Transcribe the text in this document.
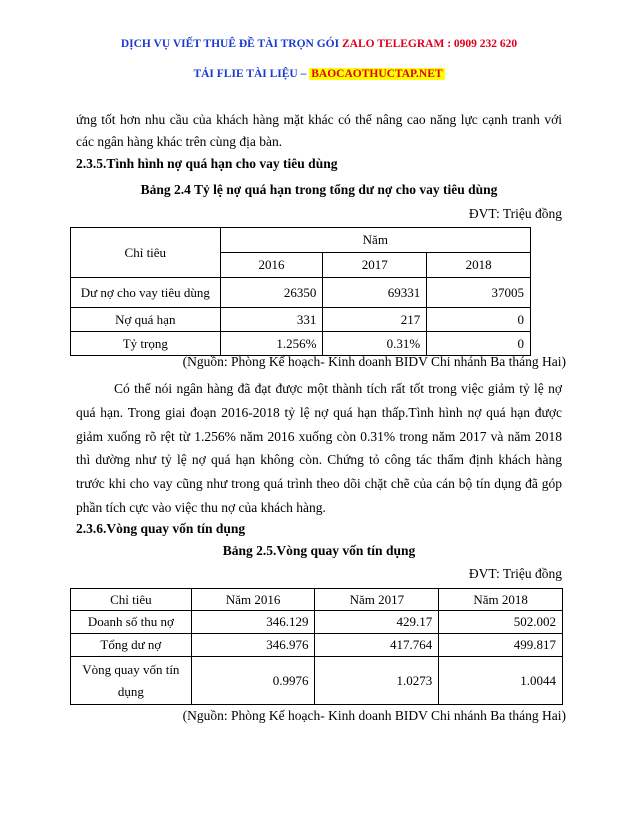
DỊCH VỤ VIẾT THUÊ ĐỀ TÀI TRỌN GÓI ZALO TELEGRAM : 0909 232 620
TẢI FLIE TÀI LIỆU – BAOCAOTHUCTAP.NET
ứng tốt hơn nhu cầu của khách hàng mặt khác có thể nâng cao năng lực cạnh tranh với các ngân hàng khác trên cùng địa bàn.
2.3.5.Tình hình nợ quá hạn cho vay tiêu dùng
Bảng 2.4 Tỷ lệ nợ quá hạn trong tổng dư nợ cho vay tiêu dùng
ĐVT: Triệu đồng
Chỉ tiêu	Năm		
	2016	2017	2018
Dư nợ cho vay tiêu dùng	26350	69331	37005
Nợ quá hạn	331	217	0
Tỷ trọng	1.256%	0.31%	0
(Nguồn: Phòng Kế hoạch- Kinh doanh BIDV Chi nhánh Ba tháng Hai)
Có thể nói ngân hàng đã đạt được một thành tích rất tốt trong việc giảm tỷ lệ nợ quá hạn. Trong giai đoạn 2016-2018 tỷ lệ nợ quá hạn thấp.Tình hình nợ quá hạn được giảm xuống rõ rệt từ 1.256% năm 2016 xuống còn 0.31% trong năm 2017 và năm 2018 thì dường như tỷ lệ nợ quá hạn không còn. Chứng tỏ công tác thẩm định khách hàng trước khi cho vay cũng như trong quá trình theo dõi chặt chẽ của cán bộ tín dụng đã góp phần tích cực vào việc thu nợ của khách hàng.
2.3.6.Vòng quay vốn tín dụng
Bảng 2.5.Vòng quay vốn tín dụng
ĐVT: Triệu đồng
Chỉ tiêu	Năm 2016	Năm 2017	Năm 2018
Doanh số thu nợ	346.129	429.17	502.002
Tổng dư nợ	346.976	417.764	499.817
Vòng quay vốn tín dụng	0.9976	1.0273	1.0044
(Nguồn: Phòng Kế hoạch- Kinh doanh BIDV Chi nhánh Ba tháng Hai)
